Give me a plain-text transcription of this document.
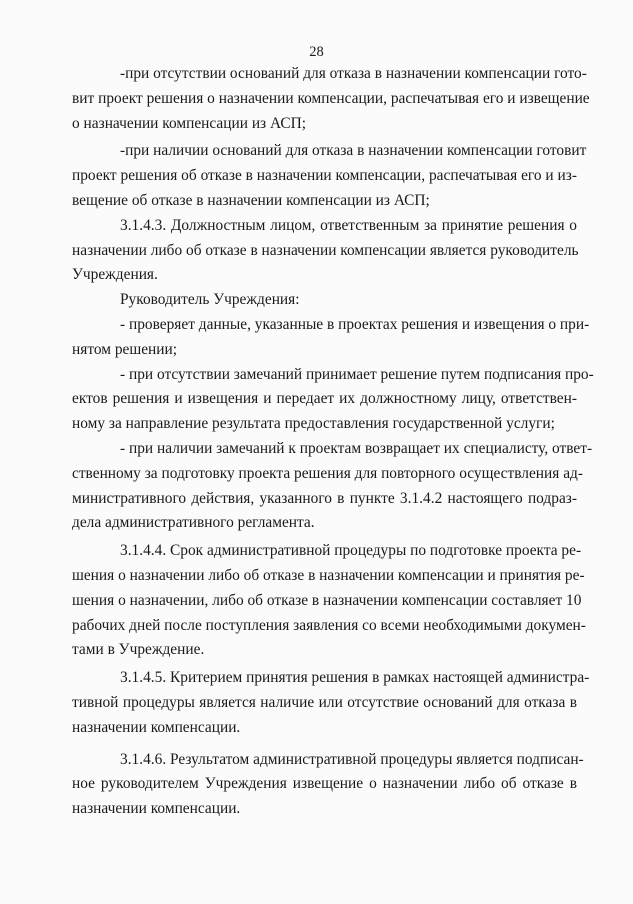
28

-при отсутствии оснований для отказа в назначении компенсации гото-
вит проект решения о назначении компенсации, распечатывая его и извещение
о назначении компенсации из АСП;

-при наличии оснований для отказа в назначении компенсации готовит
проект решения об отказе в назначении компенсации, распечатывая его и из-
вещение об отказе в назначении компенсации из АСП;

3.1.4.3. Должностным лицом, ответственным за принятие решения о
назначении либо об отказе в назначении компенсации является руководитель
Учреждения.

Руководитель Учреждения:

- проверяет данные, указанные в проектах решения и извещения о при-
нятом решении;

- при отсутствии замечаний принимает решение путем подписания про-
ектов решения и извещения и передает их должностному лицу, ответствен-
ному за направление результата предоставления государственной услуги;

- при наличии замечаний к проектам возвращает их специалисту, ответ-
ственному за подготовку проекта решения для повторного осуществления ад-
министративного действия, указанного в пункте 3.1.4.2 настоящего подраз-
дела административного регламента.

3.1.4.4. Срок административной процедуры по подготовке проекта ре-
шения о назначении либо об отказе в назначении компенсации и принятия ре-
шения о назначении, либо об отказе в назначении компенсации составляет 10
рабочих дней после поступления заявления со всеми необходимыми докумен-
тами в Учреждение.

3.1.4.5. Критерием принятия решения в рамках настоящей администра-
тивной процедуры является наличие или отсутствие оснований для отказа в
назначении компенсации.

3.1.4.6. Результатом административной процедуры является подписан-
ное руководителем Учреждения извещение о назначении либо об отказе в
назначении компенсации.
